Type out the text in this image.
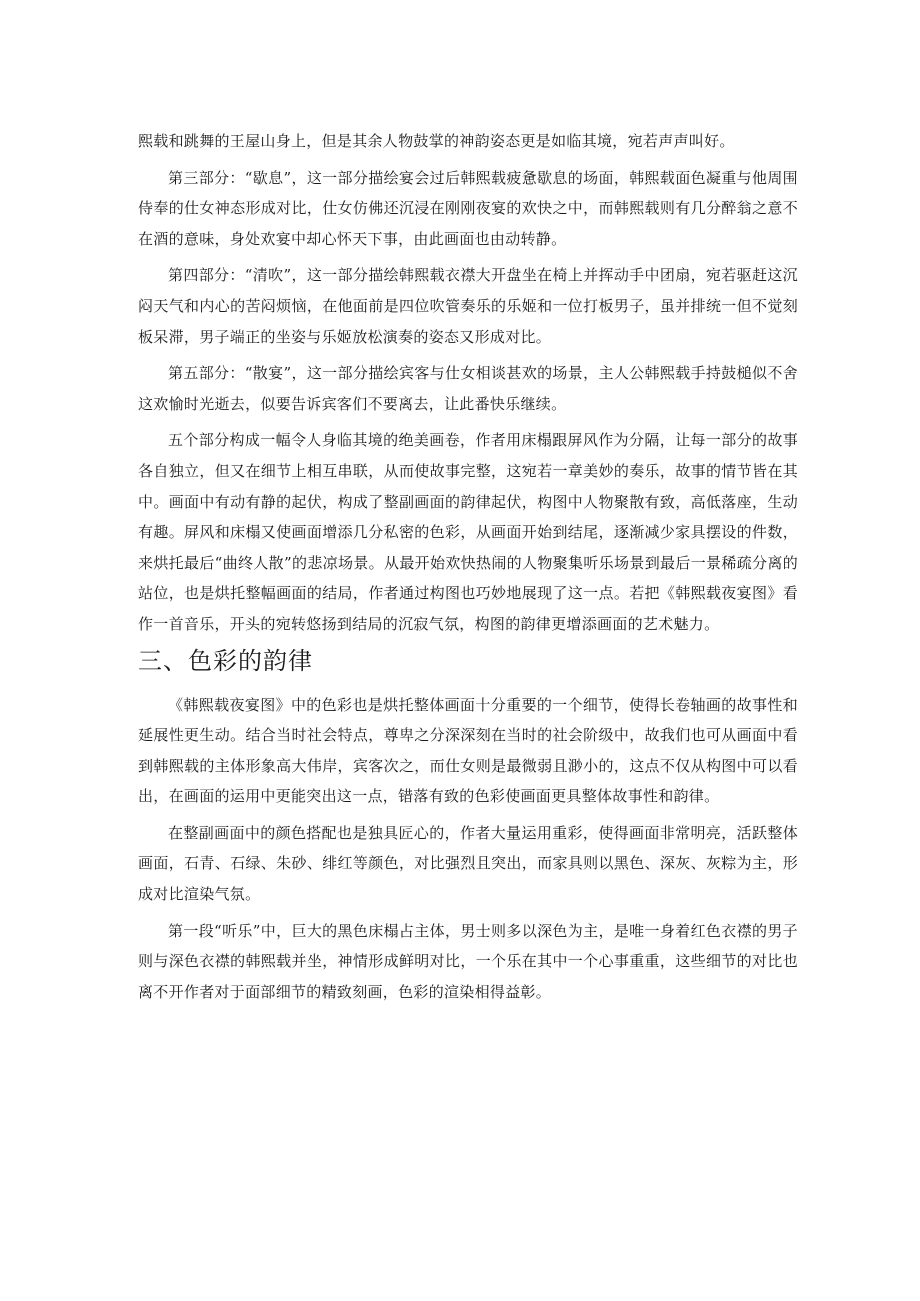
熙载和跳舞的王屋山身上，但是其余人物鼓掌的神韵姿态更是如临其境，宛若声声叫好。

第三部分：“歇息”，这一部分描绘宴会过后韩熙载疲惫歇息的场面，韩熙载面色凝重与他周围侍奉的仕女神态形成对比，仕女仿佛还沉浸在刚刚夜宴的欢快之中，而韩熙载则有几分醉翁之意不在酒的意味，身处欢宴中却心怀天下事，由此画面也由动转静。

第四部分：“清吹”，这一部分描绘韩熙载衣襟大开盘坐在椅上并挥动手中团扇，宛若驱赶这沉闷天气和内心的苦闷烦恼，在他面前是四位吹管奏乐的乐姬和一位打板男子，虽并排统一但不觉刻板呆滞，男子端正的坐姿与乐姬放松演奏的姿态又形成对比。

第五部分：“散宴”，这一部分描绘宾客与仕女相谈甚欢的场景，主人公韩熙载手持鼓槌似不舍这欢愉时光逝去，似要告诉宾客们不要离去，让此番快乐继续。

五个部分构成一幅令人身临其境的绝美画卷，作者用床榻跟屏风作为分隔，让每一部分的故事各自独立，但又在细节上相互串联，从而使故事完整，这宛若一章美妙的奏乐，故事的情节皆在其中。画面中有动有静的起伏，构成了整副画面的韵律起伏，构图中人物聚散有致，高低落座，生动有趣。屏风和床榻又使画面增添几分私密的色彩，从画面开始到结尾，逐渐减少家具摆设的件数，来烘托最后“曲终人散”的悲凉场景。从最开始欢快热闹的人物聚集听乐场景到最后一景稀疏分离的站位，也是烘托整幅画面的结局，作者通过构图也巧妙地展现了这一点。若把《韩熙载夜宴图》看作一首音乐，开头的宛转悠扬到结局的沉寂气氛，构图的韵律更增添画面的艺术魅力。

三、色彩的韵律

《韩熙载夜宴图》中的色彩也是烘托整体画面十分重要的一个细节，使得长卷轴画的故事性和延展性更生动。结合当时社会特点，尊卑之分深深刻在当时的社会阶级中，故我们也可从画面中看到韩熙载的主体形象高大伟岸，宾客次之，而仕女则是最微弱且渺小的，这点不仅从构图中可以看出，在画面的运用中更能突出这一点，错落有致的色彩使画面更具整体故事性和韵律。

在整副画面中的颜色搭配也是独具匠心的，作者大量运用重彩，使得画面非常明亮，活跃整体画面，石青、石绿、朱砂、绯红等颜色，对比强烈且突出，而家具则以黑色、深灰、灰粽为主，形成对比渲染气氛。

第一段“听乐”中，巨大的黑色床榻占主体，男士则多以深色为主，是唯一身着红色衣襟的男子则与深色衣襟的韩熙载并坐，神情形成鲜明对比，一个乐在其中一个心事重重，这些细节的对比也离不开作者对于面部细节的精致刻画，色彩的渲染相得益彰。
